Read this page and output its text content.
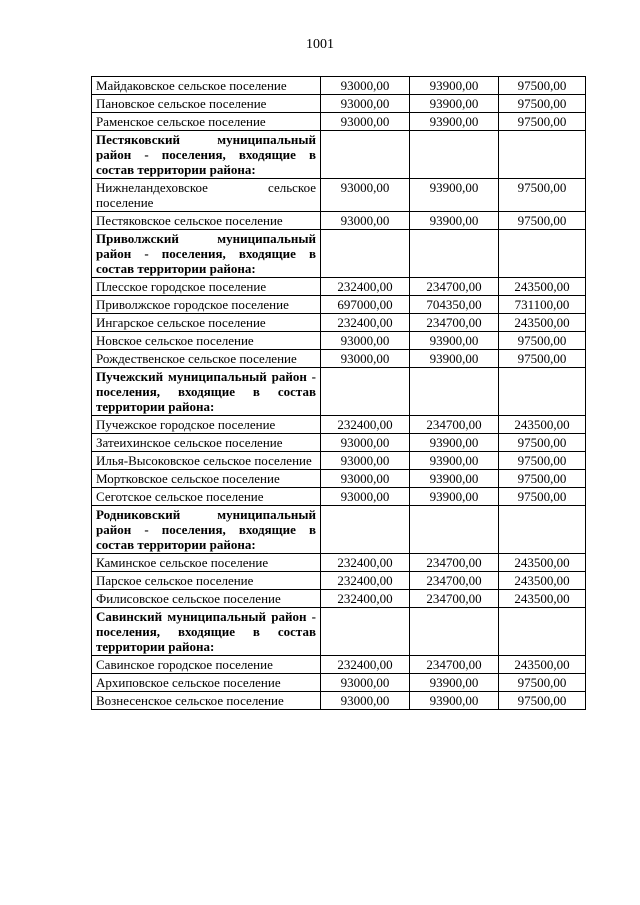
1001
Майдаковское сельское поселение	93000,00	93900,00	97500,00
Пановское сельское поселение	93000,00	93900,00	97500,00
Раменское сельское поселение	93000,00	93900,00	97500,00
Пестяковский муниципальный район - поселения, входящие в состав территории района:			
Нижнеландеховское сельское поселение	93000,00	93900,00	97500,00
Пестяковское сельское поселение	93000,00	93900,00	97500,00
Приволжский муниципальный район - поселения, входящие в состав территории района:			
Плесское городское поселение	232400,00	234700,00	243500,00
Приволжское городское поселение	697000,00	704350,00	731100,00
Ингарское сельское поселение	232400,00	234700,00	243500,00
Новское сельское поселение	93000,00	93900,00	97500,00
Рождественское сельское поселение	93000,00	93900,00	97500,00
Пучежский муниципальный район - поселения, входящие в состав территории района:			
Пучежское городское поселение	232400,00	234700,00	243500,00
Затеихинское сельское поселение	93000,00	93900,00	97500,00
Илья-Высоковское сельское поселение	93000,00	93900,00	97500,00
Мортковское сельское поселение	93000,00	93900,00	97500,00
Сеготское сельское поселение	93000,00	93900,00	97500,00
Родниковский муниципальный район - поселения, входящие в состав территории района:			
Каминское сельское поселение	232400,00	234700,00	243500,00
Парское сельское поселение	232400,00	234700,00	243500,00
Филисовское сельское поселение	232400,00	234700,00	243500,00
Савинский муниципальный район - поселения, входящие в состав территории района:			
Савинское городское поселение	232400,00	234700,00	243500,00
Архиповское сельское поселение	93000,00	93900,00	97500,00
Вознесенское сельское поселение	93000,00	93900,00	97500,00
